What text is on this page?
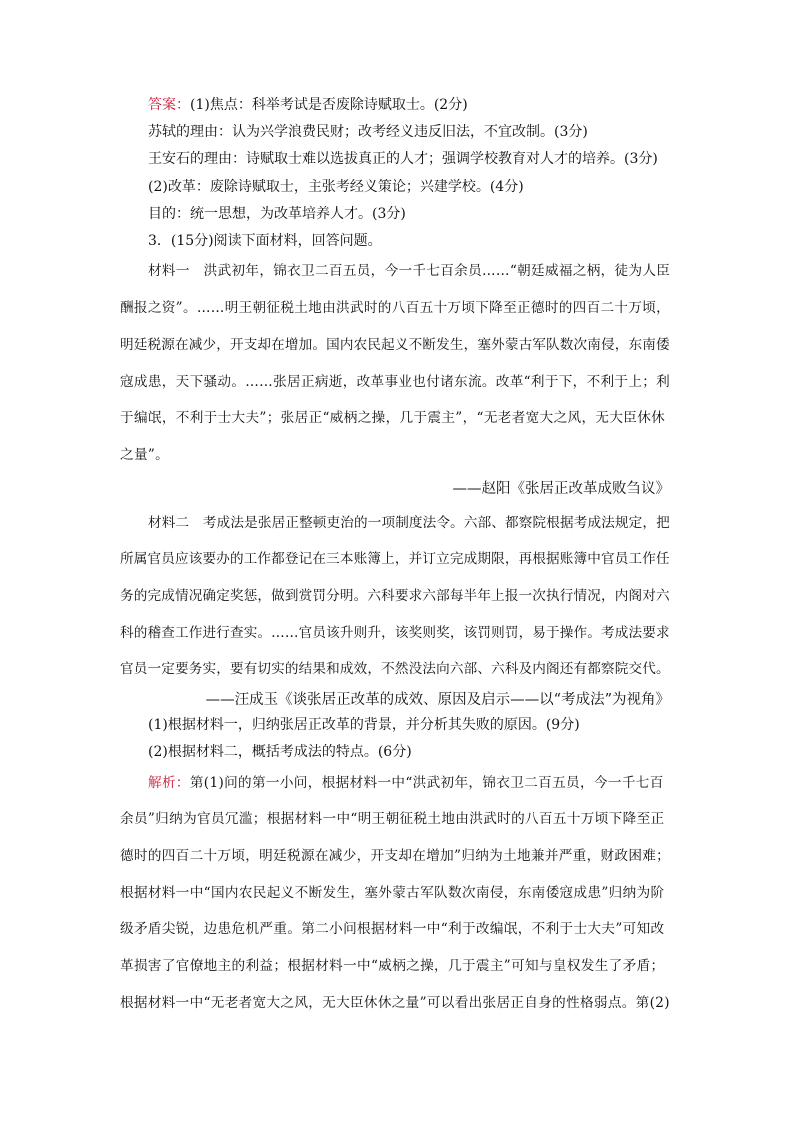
答案：(1)焦点：科举考试是否废除诗赋取士。(2分)
苏轼的理由：认为兴学浪费民财；改考经义违反旧法，不宜改制。(3分)
王安石的理由：诗赋取士难以选拔真正的人才；强调学校教育对人才的培养。(3分)
(2)改革：废除诗赋取士，主张考经义策论；兴建学校。(4分)
目的：统一思想，为改革培养人才。(3分)
3．(15分)阅读下面材料，回答问题。
材料一　洪武初年，锦衣卫二百五员，今一千七百余员……“朝廷威福之柄，徒为人臣
酬报之资”。……明王朝征税土地由洪武时的八百五十万顷下降至正德时的四百二十万顷，
明廷税源在减少，开支却在增加。国内农民起义不断发生，塞外蒙古军队数次南侵，东南倭
寇成患，天下骚动。……张居正病逝，改革事业也付诸东流。改革“利于下，不利于上；利
于编氓，不利于士大夫”；张居正“威柄之操，几于震主”，“无老者宽大之风，无大臣休休
之量”。
——赵阳《张居正改革成败刍议》
材料二　考成法是张居正整顿吏治的一项制度法令。六部、都察院根据考成法规定，把
所属官员应该要办的工作都登记在三本账簿上，并订立完成期限，再根据账簿中官员工作任
务的完成情况确定奖惩，做到赏罚分明。六科要求六部每半年上报一次执行情况，内阁对六
科的稽查工作进行查实。……官员该升则升，该奖则奖，该罚则罚，易于操作。考成法要求
官员一定要务实，要有切实的结果和成效，不然没法向六部、六科及内阁还有都察院交代。
——汪成玉《谈张居正改革的成效、原因及启示——以“考成法”为视角》
(1)根据材料一，归纳张居正改革的背景，并分析其失败的原因。(9分)
(2)根据材料二，概括考成法的特点。(6分)
解析：第(1)问的第一小问，根据材料一中“洪武初年，锦衣卫二百五员，今一千七百
余员”归纳为官员冗滥；根据材料一中“明王朝征税土地由洪武时的八百五十万顷下降至正
德时的四百二十万顷，明廷税源在减少，开支却在增加”归纳为土地兼并严重，财政困难；
根据材料一中“国内农民起义不断发生，塞外蒙古军队数次南侵，东南倭寇成患”归纳为阶
级矛盾尖锐，边患危机严重。第二小问根据材料一中“利于改编氓，不利于士大夫”可知改
革损害了官僚地主的利益；根据材料一中“威柄之操，几于震主”可知与皇权发生了矛盾；
根据材料一中“无老者宽大之风，无大臣休休之量”可以看出张居正自身的性格弱点。第(2)
